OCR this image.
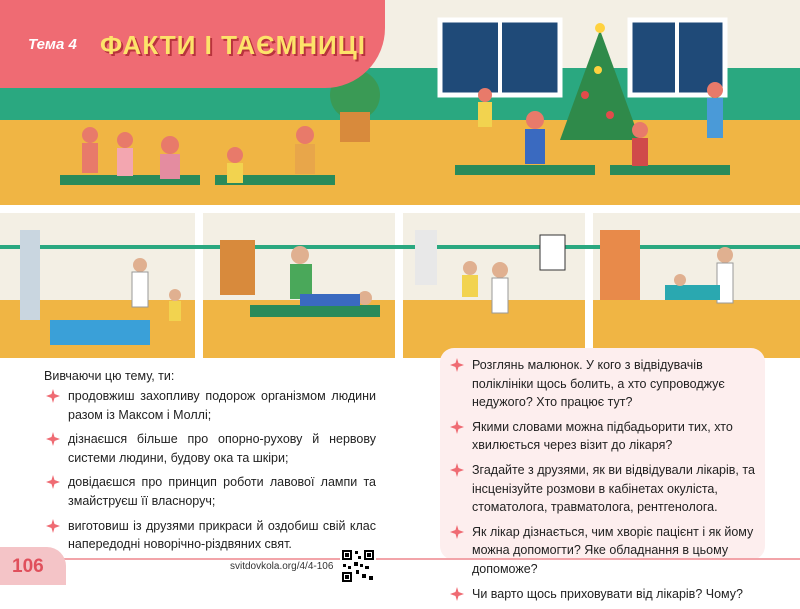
Тема 4 ФАКТИ І ТАЄМНИЦІ
Вивчаючи цю тему, ти:
продовжиш захопливу подорож організмом людини разом із Максом і Моллі;
дізнаєшся більше про опорно-рухову й нервову системи людини, будову ока та шкіри;
довідаєшся про принцип роботи лавової лампи та змайструєш її власноруч;
виготовиш із друзями прикраси й оздобиш свій клас напередодні новорічно-різдвяних свят.
Розглянь малюнок. У кого з відвідувачів поліклініки щось болить, а хто супроводжує недужого? Хто працює тут?
Якими словами можна підбадьорити тих, хто хвилюється через візит до лікаря?
Згадайте з друзями, як ви відвідували лікарів, та інсценізуйте розмови в кабінетах окуліста, стоматолога, травматолога, рентгенолога.
Як лікар дізнається, чим хворіє пацієнт і як йому можна допомогти? Яке обладнання в цьому допоможе?
Чи варто щось приховувати від лікарів? Чому?
106	svitdovkola.org/4/4-106
